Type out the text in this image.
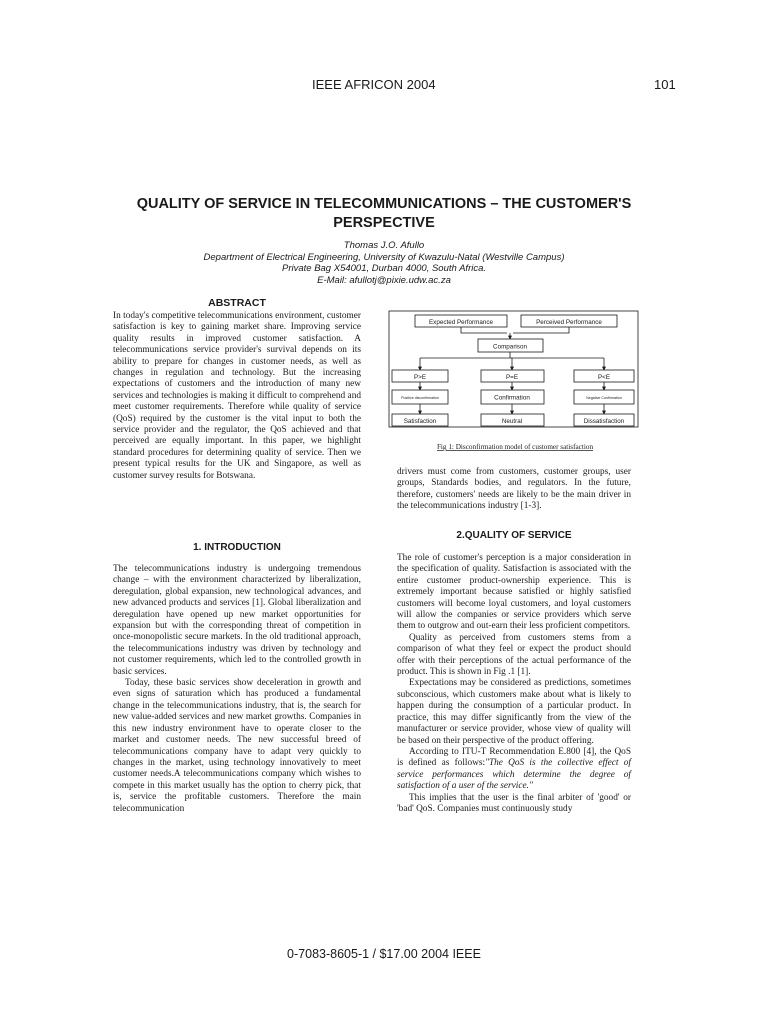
IEEE AFRICON 2004	101
QUALITY OF SERVICE IN TELECOMMUNICATIONS – THE CUSTOMER'S
PERSPECTIVE
Thomas J.O. Afullo
Department of Electrical Engineering, University of Kwazulu-Natal (Westville Campus)
Private Bag X54001, Durban 4000, South Africa.
E-Mail: afullotj@pixie.udw.ac.za
ABSTRACT

In today's competitive telecommunications environment, customer satisfaction is key to gaining market share. Improving service quality results in improved customer satisfaction. A telecommunications service provider's survival depends on its ability to prepare for changes in customer needs, as well as changes in regulation and technology. But the increasing expectations of customers and the introduction of many new services and technologies is making it difficult to comprehend and meet customer requirements. Therefore while quality of service (QoS) required by the customer is the vital input to both the service provider and the regulator, the QoS achieved and that perceived are equally important. In this paper, we highlight standard procedures for determining quality of service. Then we present typical results for the UK and Singapore, as well as customer survey results for Botswana.

1. INTRODUCTION

The telecommunications industry is undergoing tremendous change – with the environment characterized by liberalization, deregulation, global expansion, new technological advances, and new advanced products and services [1]. Global liberalization and deregulation have opened up new market opportunities for expansion but with the corresponding threat of competition in once-monopolistic secure markets. In the old traditional approach, the telecommunications industry was driven by technology and not customer requirements, which led to the controlled growth in basic services.

Today, these basic services show deceleration in growth and even signs of saturation which has produced a fundamental change in the telecommunications industry, that is, the search for new value-added services and new market growths. Companies in this new industry environment have to operate closer to the market and customer needs. The new successful breed of telecommunications company have to adapt very quickly to changes in the market, using technology innovatively to meet customer needs.A telecommunications company which wishes to compete in this market usually has the option to cherry pick, that is, service the profitable customers. Therefore the main telecommunication

Expected Performance	Perceived Performance
Comparison
P>E	P=E	P<E
Positive disconfirmation	Confirmation	Negative Confirmation
Satisfaction	Neutral	Dissatisfaction
Fig 1: Disconfirmation model of customer satisfaction

drivers must come from customers, customer groups, user groups, Standards bodies, and regulators. In the future, therefore, customers' needs are likely to be the main driver in the telecommunications industry [1-3].

2.QUALITY OF SERVICE

The role of customer's perception is a major consideration in the specification of quality. Satisfaction is associated with the entire customer product-ownership experience. This is extremely important because satisfied or highly satisfied customers will become loyal customers, and loyal customers will allow the companies or service providers which serve them to outgrow and out-earn their less proficient competitors.

Quality as perceived from customers stems from a comparison of what they feel or expect the product should offer with their perceptions of the actual performance of the product. This is shown in Fig .1 [1].

Expectations may be considered as predictions, sometimes subconscious, which customers make about what is likely to happen during the consumption of a particular product. In practice, this may differ significantly from the view of the manufacturer or service provider, whose view of quality will be based on their perspective of the product offering.

According to ITU-T Recommendation E.800 [4], the QoS is defined as follows:"The QoS is the collective effect of service performances which determine the degree of satisfaction of a user of the service."

This implies that the user is the final arbiter of 'good' or 'bad' QoS. Companies must continuously study

0-7083-8605-1 / $17.00 2004 IEEE
